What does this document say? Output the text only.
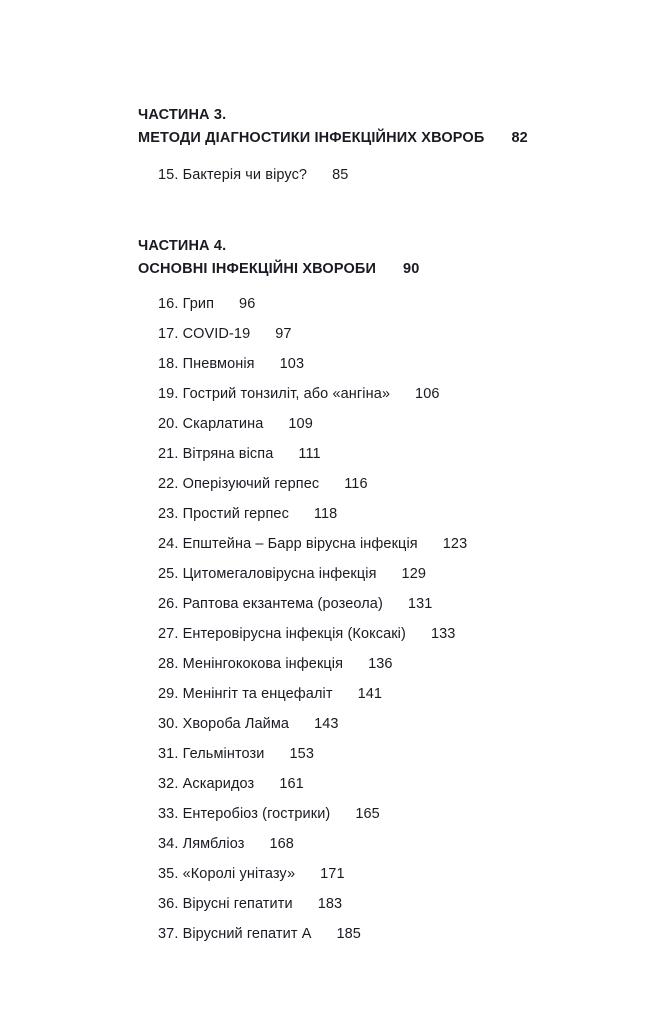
ЧАСТИНА 3.
МЕТОДИ ДІАГНОСТИКИ ІНФЕКЦІЙНИХ ХВОРОБ 82
15. Бактерія чи вірус? 85
ЧАСТИНА 4.
ОСНОВНІ ІНФЕКЦІЙНІ ХВОРОБИ 90
16. Грип 96
17. COVID-19 97
18. Пневмонія 103
19. Гострий тонзиліт, або «ангіна» 106
20. Скарлатина 109
21. Вітряна віспа 111
22. Оперізуючий герпес 116
23. Простий герпес 118
24. Епштейна – Барр вірусна інфекція 123
25. Цитомегаловірусна інфекція 129
26. Раптова екзантема (розеола) 131
27. Ентеровірусна інфекція (Коксакі) 133
28. Менінгококова інфекція 136
29. Менінгіт та енцефаліт 141
30. Хвороба Лайма 143
31. Гельмінтози 153
32. Аскаридоз 161
33. Ентеробіоз (гострики) 165
34. Лямбліоз 168
35. «Королі унітазу» 171
36. Вірусні гепатити 183
37. Вірусний гепатит А 185
